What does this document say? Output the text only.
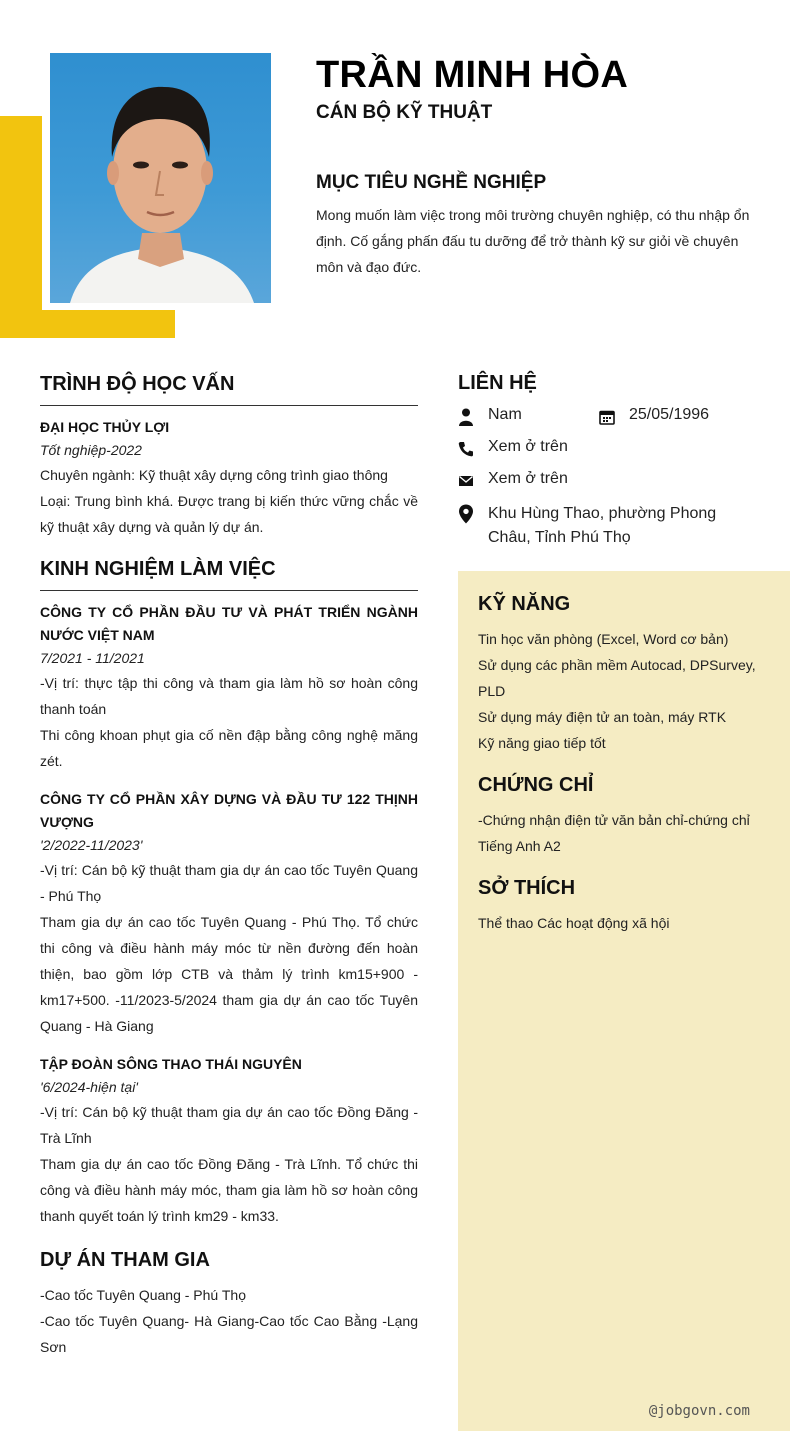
TRẦN MINH HÒA
CÁN BỘ KỸ THUẬT
MỤC TIÊU NGHỀ NGHIỆP
Mong muốn làm việc trong môi trường chuyên nghiệp, có thu nhập ổn định. Cố gắng phấn đấu tu dưỡng để trở thành kỹ sư giỏi về chuyên môn và đạo đức.
TRÌNH ĐỘ HỌC VẤN
ĐẠI HỌC THỦY LỢI
Tốt nghiệp-2022
Chuyên ngành: Kỹ thuật xây dựng công trình giao thông
Loại: Trung bình khá. Được trang bị kiến thức vững chắc về kỹ thuật xây dựng và quản lý dự án.
KINH NGHIỆM LÀM VIỆC
CÔNG TY CỔ PHẦN ĐẦU TƯ VÀ PHÁT TRIỂN NGÀNH NƯỚC VIỆT NAM
7/2021 - 11/2021
-Vị trí: thực tập thi công và tham gia làm hồ sơ hoàn công thanh toán
Thi công khoan phụt gia cố nền đập bằng công nghệ măng zét.
CÔNG TY CỔ PHẦN XÂY DỰNG VÀ ĐẦU TƯ 122 THỊNH VƯỢNG
'2/2022-11/2023'
-Vị trí: Cán bộ kỹ thuật tham gia dự án cao tốc Tuyên Quang - Phú Thọ
Tham gia dự án cao tốc Tuyên Quang - Phú Thọ. Tổ chức thi công và điều hành máy móc từ nền đường đến hoàn thiện, bao gồm lớp CTB và thảm lý trình km15+900 - km17+500. -11/2023-5/2024 tham gia dự án cao tốc Tuyên Quang - Hà Giang
TẬP ĐOÀN SÔNG THAO THÁI NGUYÊN
'6/2024-hiện tại'
-Vị trí: Cán bộ kỹ thuật tham gia dự án cao tốc Đồng Đăng - Trà Lĩnh
Tham gia dự án cao tốc Đồng Đăng - Trà Lĩnh. Tổ chức thi công và điều hành máy móc, tham gia làm hồ sơ hoàn công thanh quyết toán lý trình km29 - km33.
DỰ ÁN THAM GIA
-Cao tốc Tuyên Quang - Phú Thọ
-Cao tốc Tuyên Quang- Hà Giang-Cao tốc Cao Bằng -Lạng Sơn
LIÊN HỆ
Nam	25/05/1996
Xem ở trên
Xem ở trên
Khu Hùng Thao, phường Phong Châu, Tỉnh Phú Thọ
KỸ NĂNG
Tin học văn phòng (Excel, Word cơ bản)
Sử dụng các phần mềm Autocad, DPSurvey, PLD
Sử dụng máy điện tử an toàn, máy RTK
Kỹ năng giao tiếp tốt
CHỨNG CHỈ
-Chứng nhận điện tử văn bản chỉ-chứng chỉ Tiếng Anh A2
SỞ THÍCH
Thể thao Các hoạt động xã hội
@jobgovn.com
